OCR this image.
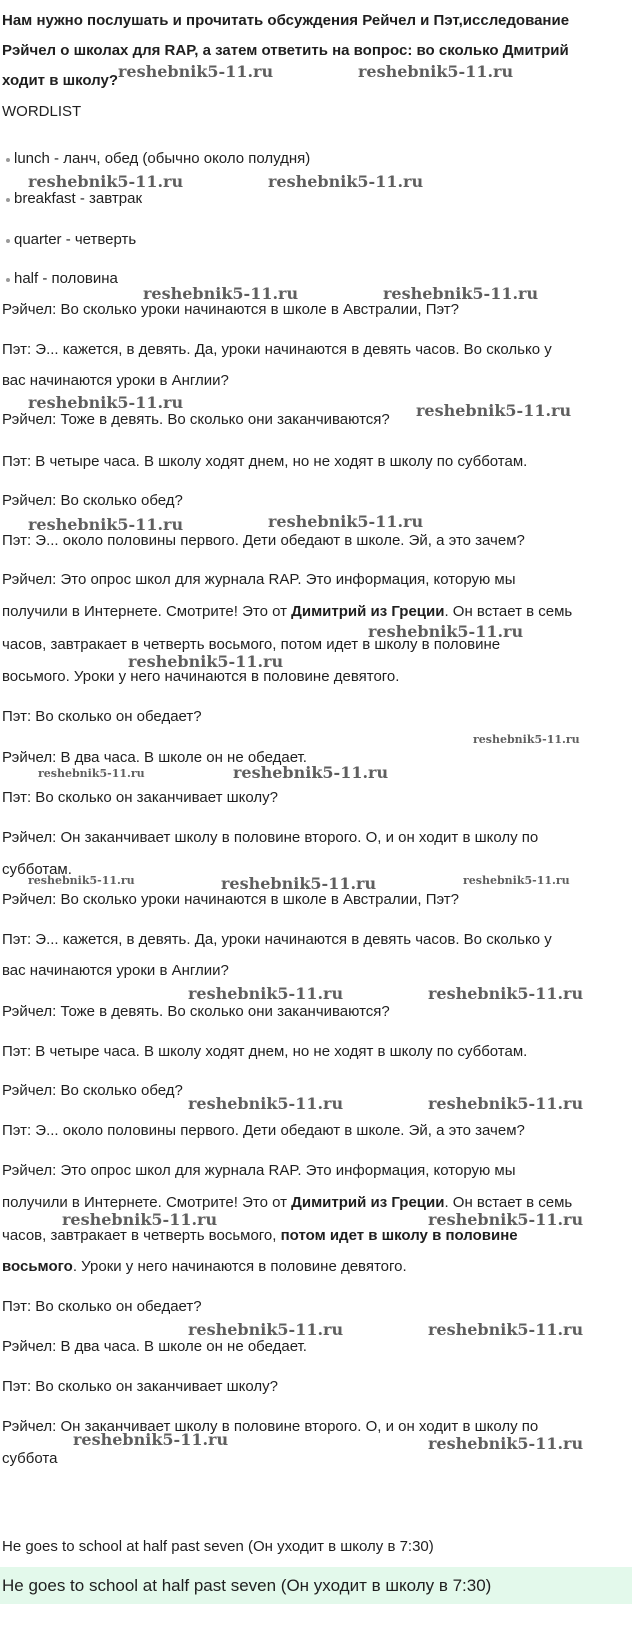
Нам нужно послушать и прочитать обсуждения Рейчел и Пэт,исследование Рэйчел о школах для RAP, а затем ответить на вопрос: во сколько Дмитрий ходит в школу?

WORDLIST

lunch - ланч, обед (обычно около полудня)
breakfast - завтрак
quarter - четверть
half - половина

Рэйчел: Во сколько уроки начинаются в школе в Австралии, Пэт?

Пэт: Э... кажется, в девять. Да, уроки начинаются в девять часов. Во сколько у

вас начинаются уроки в Англии?

Рэйчел: Тоже в девять. Во сколько они заканчиваются?

Пэт: В четыре часа. В школу ходят днем, но не ходят в школу по субботам.

Рэйчел: Во сколько обед?

Пэт: Э... около половины первого. Дети обедают в школе. Эй, а это зачем?

Рэйчел: Это опрос школ для журнала RAP. Это информация, которую мы

получили в Интернете. Смотрите! Это от Димитрий из Греции. Он встает в семь

часов, завтракает в четверть восьмого, потом идет в школу в половине

восьмого. Уроки у него начинаются в половине девятого.

Пэт: Во сколько он обедает?

Рэйчел: В два часа. В школе он не обедает.

Пэт: Во сколько он заканчивает школу?

Рэйчел: Он заканчивает школу в половине второго. О, и он ходит в школу по

субботам.

Рэйчел: Во сколько уроки начинаются в школе в Австралии, Пэт?

Пэт: Э... кажется, в девять. Да, уроки начинаются в девять часов. Во сколько у

вас начинаются уроки в Англии?

Рэйчел: Тоже в девять. Во сколько они заканчиваются?

Пэт: В четыре часа. В школу ходят днем, но не ходят в школу по субботам.

Рэйчел: Во сколько обед?

Пэт: Э... около половины первого. Дети обедают в школе. Эй, а это зачем?

Рэйчел: Это опрос школ для журнала RAP. Это информация, которую мы

получили в Интернете. Смотрите! Это от Димитрий из Греции. Он встает в семь

часов, завтракает в четверть восьмого, потом идет в школу в половине

восьмого. Уроки у него начинаются в половине девятого.

Пэт: Во сколько он обедает?

Рэйчел: В два часа. В школе он не обедает.

Пэт: Во сколько он заканчивает школу?

Рэйчел: Он заканчивает школу в половине второго. О, и он ходит в школу по

суббота

He goes to school at half past seven (Он уходит в школу в 7:30)
He goes to school at half past seven (Он уходит в школу в 7:30)
reshebnik5-11.ru	reshebnik5-11.ru
reshebnik5-11.ru	reshebnik5-11.ru
reshebnik5-11.ru	reshebnik5-11.ru
reshebnik5-11.ru	reshebnik5-11.ru
reshebnik5-11.ru	reshebnik5-11.ru
reshebnik5-11.ru
reshebnik5-11.ru
reshebnik5-11.ru
reshebnik5-11.ru	reshebnik5-11.ru
reshebnik5-11.ru	reshebnik5-11.ru	reshebnik5-11.ru
reshebnik5-11.ru	reshebnik5-11.ru
reshebnik5-11.ru	reshebnik5-11.ru
reshebnik5-11.ru	reshebnik5-11.ru
reshebnik5-11.ru	reshebnik5-11.ru
reshebnik5-11.ru	reshebnik5-11.ru
